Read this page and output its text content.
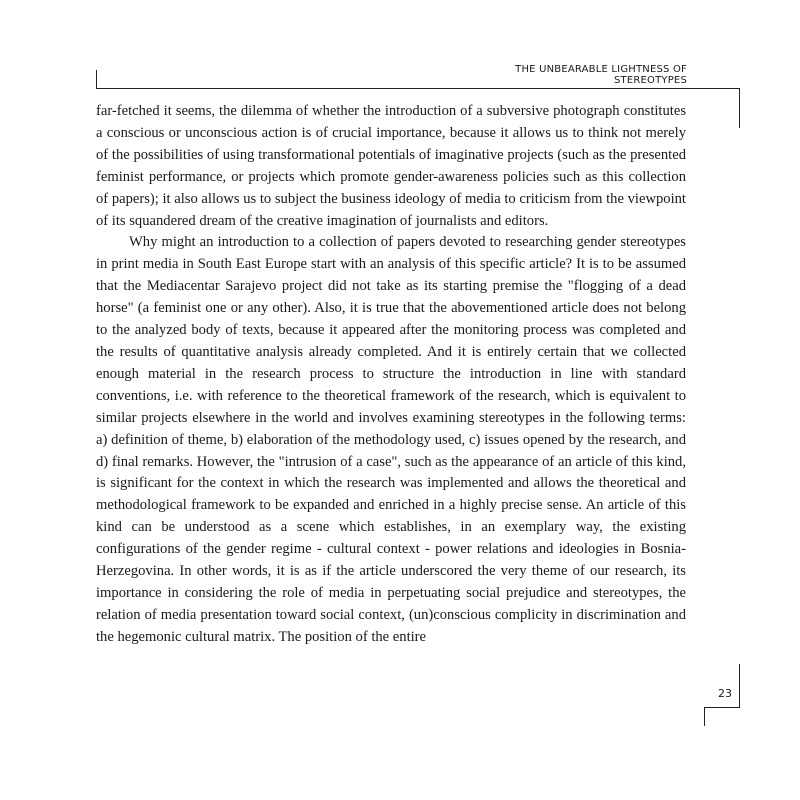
THE UNBEARABLE LIGHTNESS OF
STEREOTYPES

far-fetched it seems, the dilemma of whether the introduction of a subversive photograph constitutes a conscious or unconscious action is of crucial importance, because it allows us to think not merely of the possibilities of using transformational potentials of imaginative projects (such as the presented feminist performance, or projects which promote gender-awareness policies such as this collection of papers); it also allows us to subject the business ideology of media to criticism from the viewpoint of its squandered dream of the creative imagination of journalists and editors.

Why might an introduction to a collection of papers devoted to researching gender stereotypes in print media in South East Europe start with an analysis of this specific article? It is to be assumed that the Mediacentar Sarajevo project did not take as its starting premise the "flogging of a dead horse" (a feminist one or any other). Also, it is true that the abovementioned article does not belong to the analyzed body of texts, because it appeared after the monitoring process was completed and the results of quantitative analysis already completed. And it is entirely certain that we collected enough material in the research process to structure the introduction in line with standard conventions, i.e. with reference to the theoretical framework of the research, which is equivalent to similar projects elsewhere in the world and involves examining stereotypes in the following terms: a) definition of theme, b) elaboration of the methodology used, c) issues opened by the research, and d) final remarks. However, the "intrusion of a case", such as the appearance of an article of this kind, is significant for the context in which the research was implemented and allows the theoretical and methodological framework to be expanded and enriched in a highly precise sense. An article of this kind can be understood as a scene which establishes, in an exemplary way, the existing configurations of the gender regime - cultural context - power relations and ideologies in Bosnia-Herzegovina. In other words, it is as if the article underscored the very theme of our research, its importance in considering the role of media in perpetuating social prejudice and stereotypes, the relation of media presentation toward social context, (un)conscious complicity in discrimination and the hegemonic cultural matrix. The position of the entire

23
